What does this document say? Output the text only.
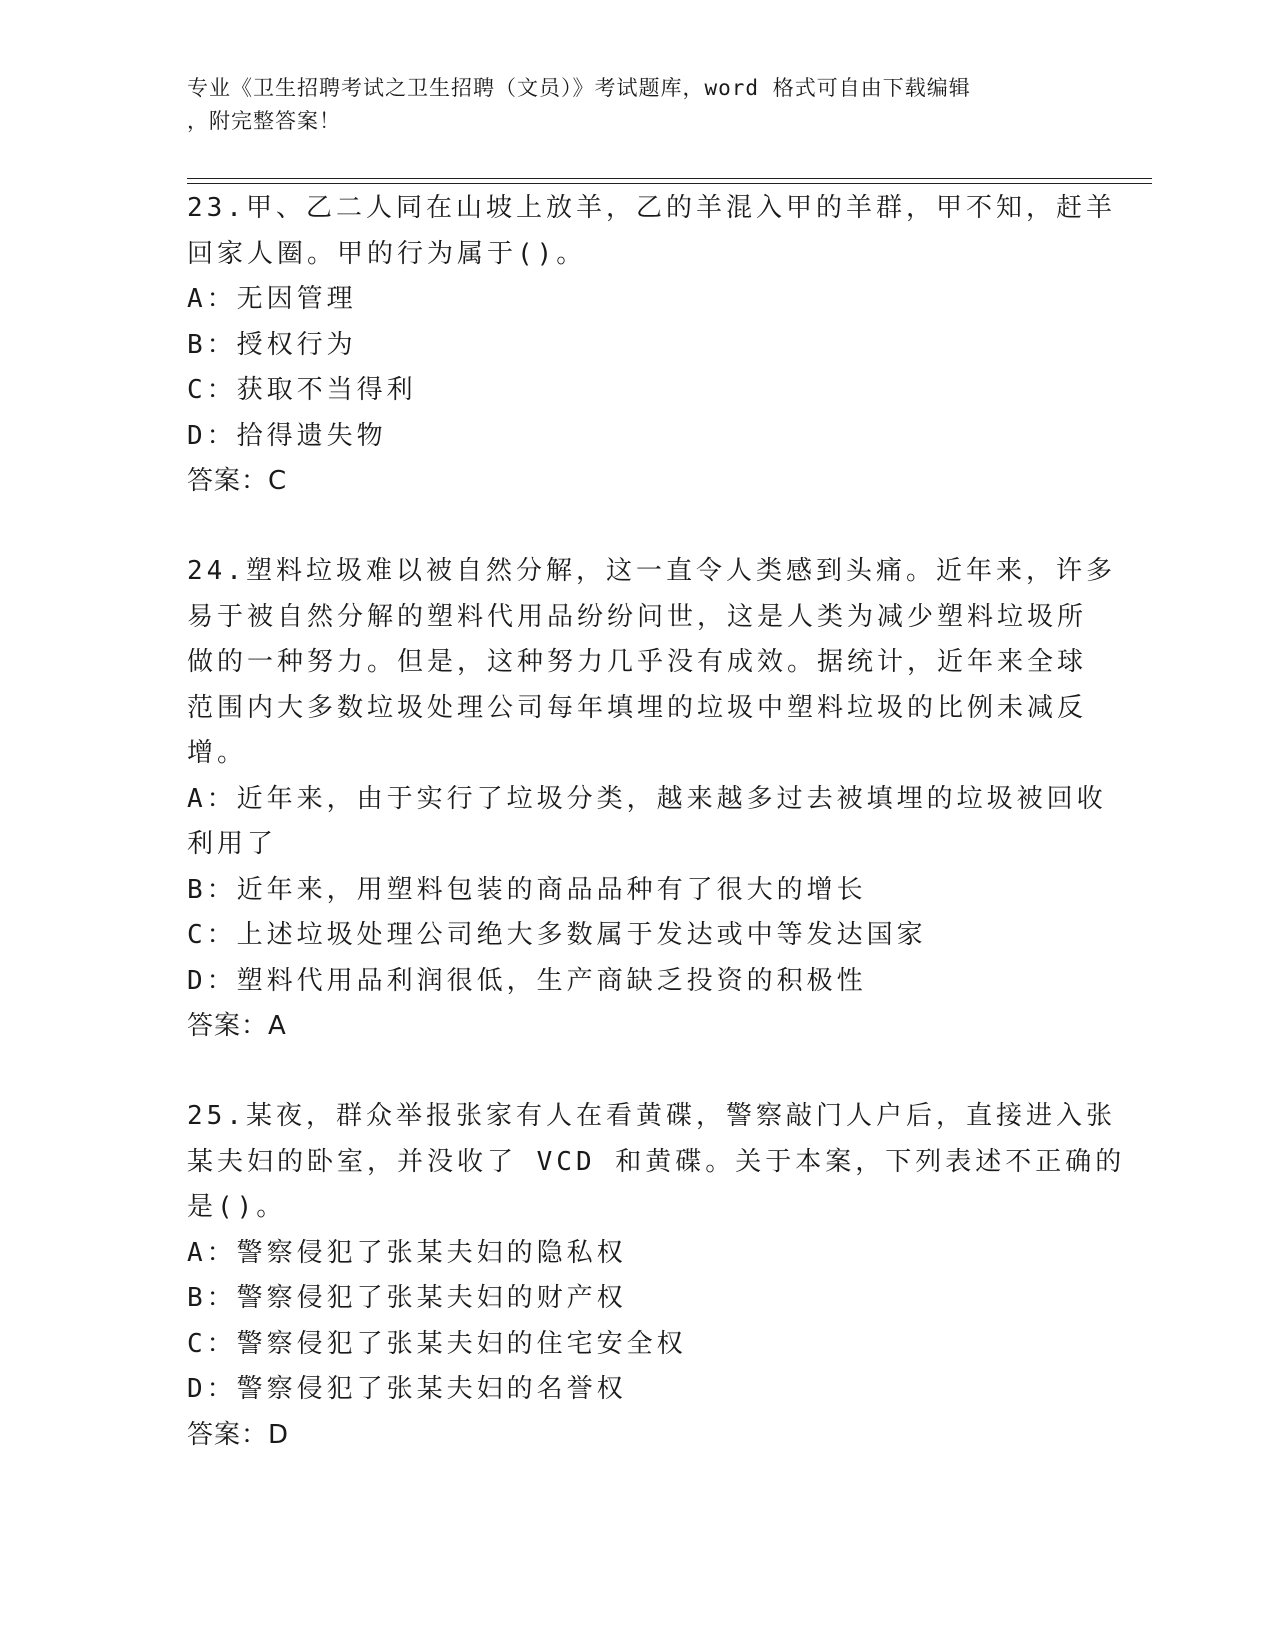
专业《卫生招聘考试之卫生招聘（文员）》考试题库，word 格式可自由下载编辑
，附完整答案！
23.甲、乙二人同在山坡上放羊，乙的羊混入甲的羊群，甲不知，赶羊
回家人圈。甲的行为属于()。
A：无因管理
B：授权行为
C：获取不当得利
D：拾得遗失物
答案：C
24.塑料垃圾难以被自然分解，这一直令人类感到头痛。近年来，许多
易于被自然分解的塑料代用品纷纷问世，这是人类为减少塑料垃圾所
做的一种努力。但是，这种努力几乎没有成效。据统计，近年来全球
范围内大多数垃圾处理公司每年填埋的垃圾中塑料垃圾的比例未减反
增。
A：近年来，由于实行了垃圾分类，越来越多过去被填埋的垃圾被回收
利用了
B：近年来，用塑料包装的商品品种有了很大的增长
C：上述垃圾处理公司绝大多数属于发达或中等发达国家
D：塑料代用品利润很低，生产商缺乏投资的积极性
答案：A
25.某夜，群众举报张家有人在看黄碟，警察敲门人户后，直接进入张
某夫妇的卧室，并没收了 VCD 和黄碟。关于本案，下列表述不正确的
是()。
A：警察侵犯了张某夫妇的隐私权
B：警察侵犯了张某夫妇的财产权
C：警察侵犯了张某夫妇的住宅安全权
D：警察侵犯了张某夫妇的名誉权
答案：D
